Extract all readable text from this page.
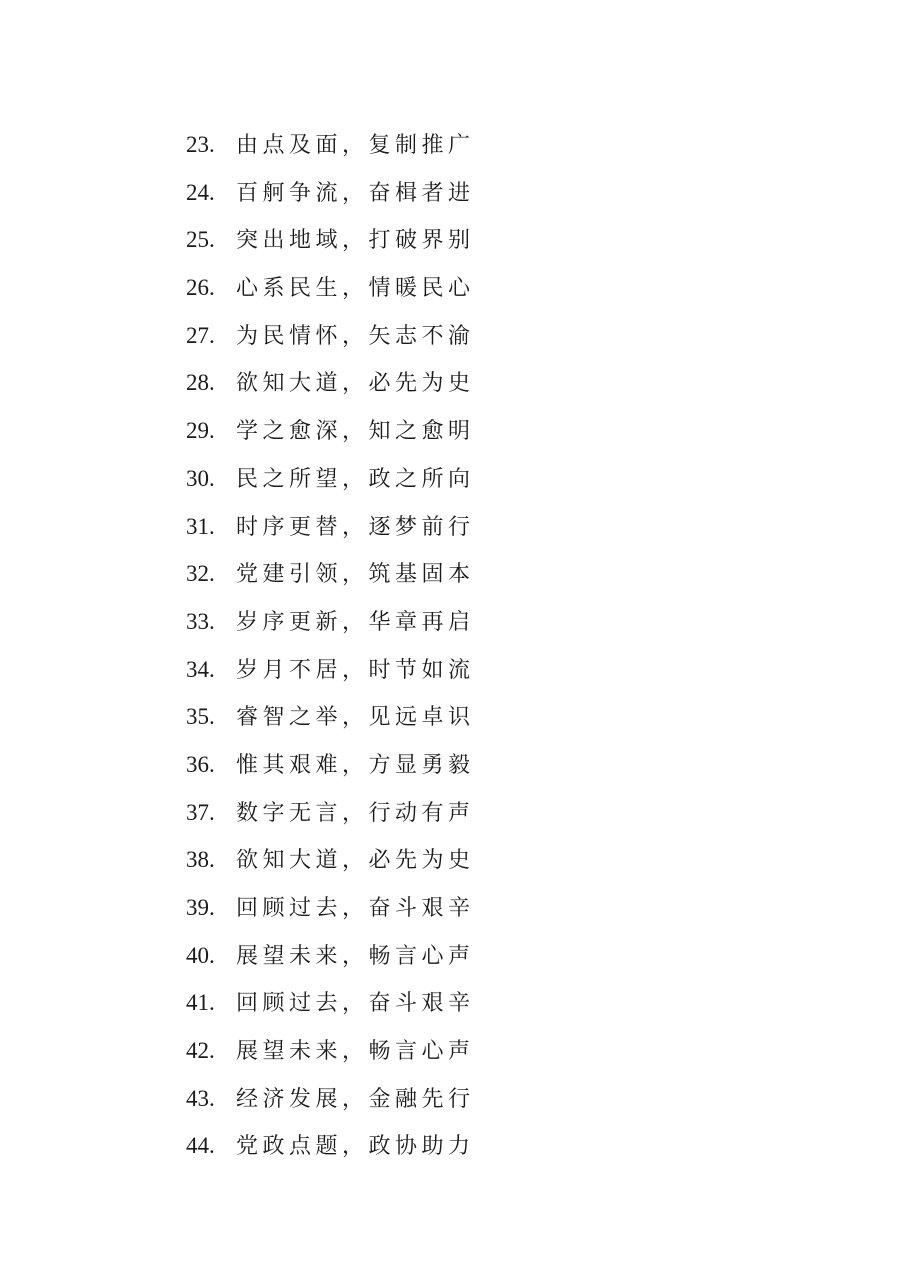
23. 由点及面，复制推广
24. 百舸争流，奋楫者进
25. 突出地域，打破界别
26. 心系民生，情暖民心
27. 为民情怀，矢志不渝
28. 欲知大道，必先为史
29. 学之愈深，知之愈明
30. 民之所望，政之所向
31. 时序更替，逐梦前行
32. 党建引领，筑基固本
33. 岁序更新，华章再启
34. 岁月不居，时节如流
35. 睿智之举，见远卓识
36. 惟其艰难，方显勇毅
37. 数字无言，行动有声
38. 欲知大道，必先为史
39. 回顾过去，奋斗艰辛
40. 展望未来，畅言心声
41. 回顾过去，奋斗艰辛
42. 展望未来，畅言心声
43. 经济发展，金融先行
44. 党政点题，政协助力
